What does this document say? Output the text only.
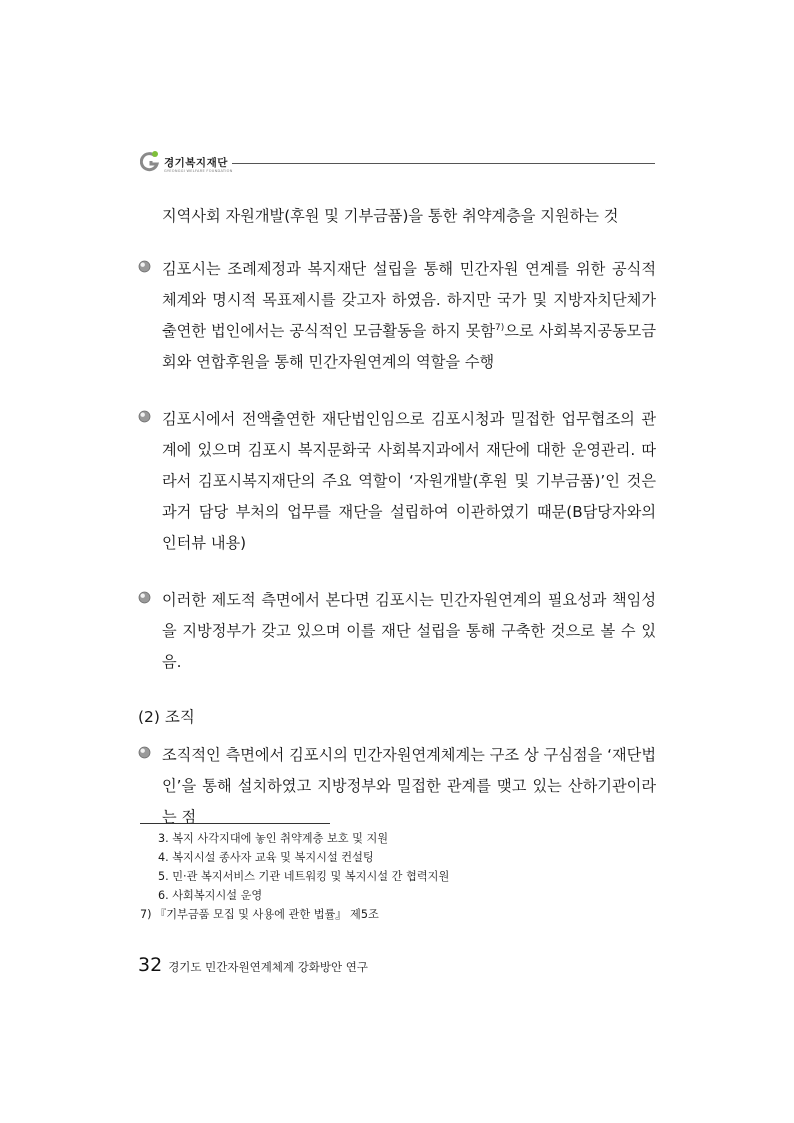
경기복지재단
GYEONGGI WELFARE FOUNDATION

지역사회 자원개발(후원 및 기부금품)을 통한 취약계층을 지원하는 것

김포시는 조례제정과 복지재단 설립을 통해 민간자원 연계를 위한 공식적 체계와 명시적 목표제시를 갖고자 하였음. 하지만 국가 및 지방자치단체가 출연한 법인에서는 공식적인 모금활동을 하지 못함$^{7)}$으로 사회복지공동모금회와 연합후원을 통해 민간자원연계의 역할을 수행
김포시에서 전액출연한 재단법인임으로 김포시청과 밀접한 업무협조의 관계에 있으며 김포시 복지문화국 사회복지과에서 재단에 대한 운영관리. 따라서 김포시복지재단의 주요 역할이 ‘자원개발(후원 및 기부금품)’인 것은 과거 담당 부처의 업무를 재단을 설립하여 이관하였기 때문(B담당자와의 인터뷰 내용)
이러한 제도적 측면에서 본다면 김포시는 민간자원연계의 필요성과 책임성을 지방정부가 갖고 있으며 이를 재단 설립을 통해 구축한 것으로 볼 수 있음.
(2) 조직
조직적인 측면에서 김포시의 민간자원연계체계는 구조 상 구심점을 ‘재단법인’을 통해 설치하였고 지방정부와 밀접한 관계를 맺고 있는 산하기관이라는 점
3. 복지 사각지대에 놓인 취약계층 보호 및 지원
4. 복지시설 종사자 교육 및 복지시설 컨설팅
5. 민·관 복지서비스 기관 네트워킹 및 복지시설 간 협력지원
6. 사회복지시설 운영
7) 『기부금품 모집 및 사용에 관한 법률』 제5조
32 경기도 민간자원연계체계 강화방안 연구
